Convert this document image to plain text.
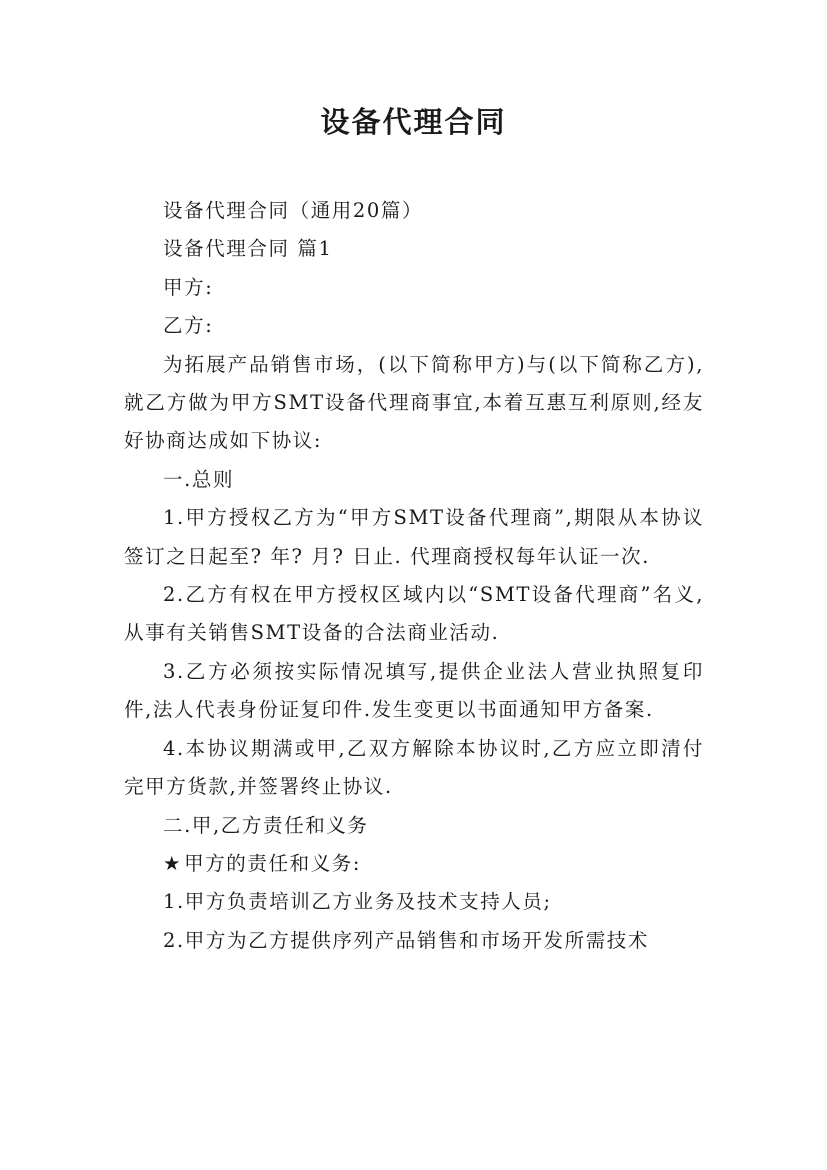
设备代理合同

设备代理合同（通用20篇）

设备代理合同 篇1

甲方:

乙方:

为拓展产品销售市场，(以下简称甲方)与(以下简称乙方),就乙方做为甲方SMT设备代理商事宜,本着互惠互利原则,经友好协商达成如下协议:

一.总则

1.甲方授权乙方为“甲方SMT设备代理商”,期限从本协议签订之日起至? 年? 月? 日止. 代理商授权每年认证一次.

2.乙方有权在甲方授权区域内以“SMT设备代理商”名义,从事有关销售SMT设备的合法商业活动.

3.乙方必须按实际情况填写,提供企业法人营业执照复印件,法人代表身份证复印件.发生变更以书面通知甲方备案.

4.本协议期满或甲,乙双方解除本协议时,乙方应立即清付完甲方货款,并签署终止协议.

二.甲,乙方责任和义务

★ 甲方的责任和义务:

1.甲方负责培训乙方业务及技术支持人员;

2.甲方为乙方提供序列产品销售和市场开发所需技术
